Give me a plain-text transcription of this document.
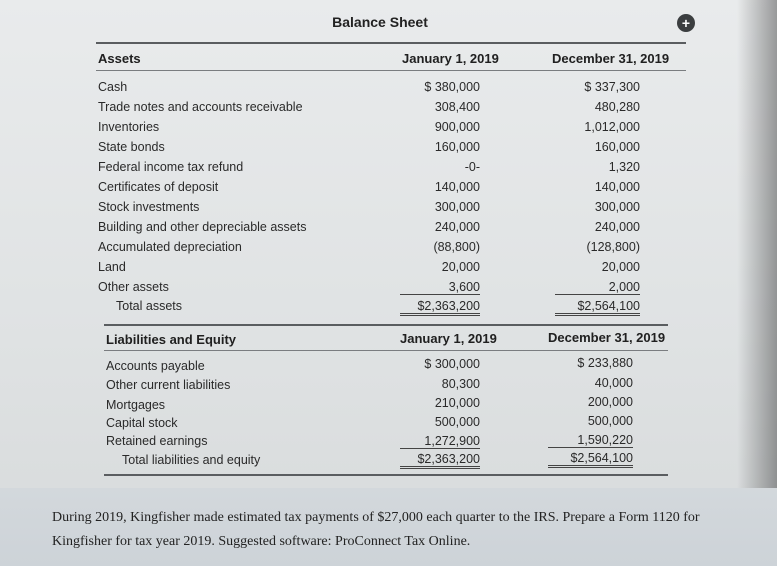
Balance Sheet	+
Assets	January 1, 2019	December 31, 2019
Cash	$ 380,000	$ 337,300
Trade notes and accounts receivable	308,400	480,280
Inventories	900,000	1,012,000
State bonds	160,000	160,000
Federal income tax refund	-0-	1,320
Certificates of deposit	140,000	140,000
Stock investments	300,000	300,000
Building and other depreciable assets	240,000	240,000
Accumulated depreciation	(88,800)	(128,800)
Land	20,000	20,000
Other assets	3,600	2,000
Total assets	$2,363,200	$2,564,100
Liabilities and Equity	January 1, 2019	December 31, 2019
Accounts payable	$ 300,000	$ 233,880
Other current liabilities	80,300	40,000
Mortgages	210,000	200,000
Capital stock	500,000	500,000
Retained earnings	1,272,900	1,590,220
Total liabilities and equity	$2,363,200	$2,564,100
During 2019, Kingfisher made estimated tax payments of $27,000 each quarter to the IRS. Prepare a Form 1120 for Kingfisher for tax year 2019. Suggested software: ProConnect Tax Online.
